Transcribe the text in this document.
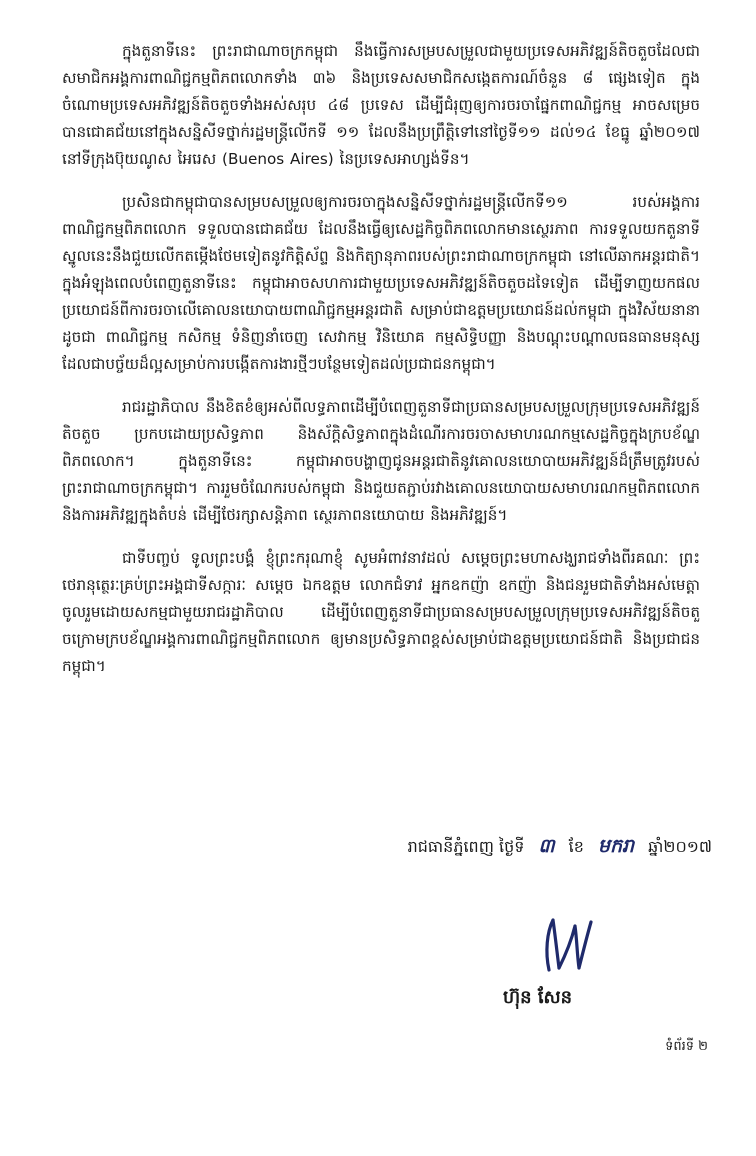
ក្នុងតួនាទីនេះ ព្រះរាជាណាចក្រកម្ពុជា នឹងធ្វើការសម្របសម្រួលជាមួយប្រទេសអភិវឌ្ឍន៍តិចតួចដែលជាសមាជិកអង្គការពាណិជ្ជកម្មពិភពលោកទាំង ៣៦ និងប្រទេសសមាជិកសង្កេតការណ៍ចំនួន ៨ ផ្សេងទៀត ក្នុងចំណោមប្រទេសអភិវឌ្ឍន៍តិចតួចទាំងអស់សរុប ៤៨ ប្រទេស ដើម្បីជំរុញឲ្យការចរចាផ្នែកពាណិជ្ជកម្ម អាចសម្រេចបានជោគជ័យនៅក្នុងសន្និសីទថ្នាក់រដ្ឋមន្ត្រីលើកទី ១១ ដែលនឹងប្រព្រឹត្តិទៅនៅថ្ងៃទី១១ ដល់១៤ ខែធ្នូ ឆ្នាំ២០១៧ នៅទីក្រុងប៊ុយណូស អៃរេស (Buenos Aires) នៃប្រទេសអាហ្សង់ទីន។

ប្រសិនជាកម្ពុជាបានសម្របសម្រួលឲ្យការចរចាក្នុងសន្និសីទថ្នាក់រដ្ឋមន្ត្រីលើកទី១១ របស់អង្គការពាណិជ្ជកម្មពិភពលោក ទទួលបានជោគជ័យ ដែលនឹងធ្វើឲ្យសេដ្ឋកិច្ចពិភពលោកមានស្ថេរភាព ការទទួលយកតួនាទីស្នូលនេះនឹងជួយលើកតម្កើងថែមទៀតនូវកិត្តិស័ព្ទ និងកិត្យានុភាពរបស់ព្រះរាជាណាចក្រកម្ពុជា នៅលើឆាកអន្តរជាតិ។ ក្នុងអំឡុងពេលបំពេញតួនាទីនេះ កម្ពុជាអាចសហការជាមួយប្រទេសអភិវឌ្ឍន៍តិចតួចដទៃទៀត ដើម្បីទាញយកផលប្រយោជន៍ពីការចរចាលើគោលនយោបាយពាណិជ្ជកម្មអន្តរជាតិ សម្រាប់ជាឧត្តមប្រយោជន៍ដល់កម្ពុជា ក្នុងវិស័យនានាដូចជា ពាណិជ្ជកម្ម កសិកម្ម ទំនិញនាំចេញ សេវាកម្ម វិនិយោគ កម្មសិទ្ធិបញ្ញា និងបណ្តុះបណ្តាលធនធានមនុស្ស ដែលជាបច្ច័យដ៏ល្អសម្រាប់ការបង្កើតការងារថ្មីៗបន្ថែមទៀតដល់ប្រជាជនកម្ពុជា។

រាជរដ្ឋាភិបាល នឹងខិតខំឲ្យអស់ពីលទ្ធភាពដើម្បីបំពេញតួនាទីជាប្រធានសម្របសម្រួលក្រុមប្រទេសអភិវឌ្ឍន៍តិចតួច ប្រកបដោយប្រសិទ្ធភាព និងស័ក្តិសិទ្ធភាពក្នុងដំណើរការចរចាសមាហរណកម្មសេដ្ឋកិច្ចក្នុងក្របខ័ណ្ឌពិភពលោក។ ក្នុងតួនាទីនេះ កម្ពុជាអាចបង្ហាញជូនអន្តរជាតិនូវគោលនយោបាយអភិវឌ្ឍន៍ដ៏ត្រឹមត្រូវរបស់ព្រះរាជាណាចក្រកម្ពុជា។ ការរួមចំណែករបស់កម្ពុជា និងជួយតភ្ជាប់រវាងគោលនយោបាយសមាហរណកម្មពិភពលោក និងការអភិវឌ្ឍក្នុងតំបន់ ដើម្បីថែរក្សាសន្តិភាព ស្ថេរភាពនយោបាយ និងអភិវឌ្ឍន៍។

ជាទីបញ្ចប់ ទូលព្រះបង្គំ ខ្ញុំព្រះករុណាខ្ញុំ សូមអំពាវនាវដល់ សម្តេចព្រះមហាសង្ឃរាជទាំងពីរគណៈ ព្រះថេរានុត្ថេរៈគ្រប់ព្រះអង្គជាទីសក្ការៈ សម្តេច ឯកឧត្តម លោកជំទាវ អ្នកឧកញ៉ា ឧកញ៉ា និងជនរួមជាតិទាំងអស់មេត្តាចូលរួមដោយសកម្មជាមួយរាជរដ្ឋាភិបាល ដើម្បីបំពេញតួនាទីជាប្រធានសម្របសម្រួលក្រុមប្រទេសអភិវឌ្ឍន៍តិចតួចក្រោមក្របខ័ណ្ឌអង្គការពាណិជ្ជកម្មពិភពលោក ឲ្យមានប្រសិទ្ធភាពខ្ពស់សម្រាប់ជាឧត្តមប្រយោជន៍ជាតិ និងប្រជាជនកម្ពុជា។

រាជធានីភ្នំពេញ ថ្ងៃទី ៣ ខែ មករា ឆ្នាំ២០១៧
ហ៊ុន សែន
ទំព័រទី ២
